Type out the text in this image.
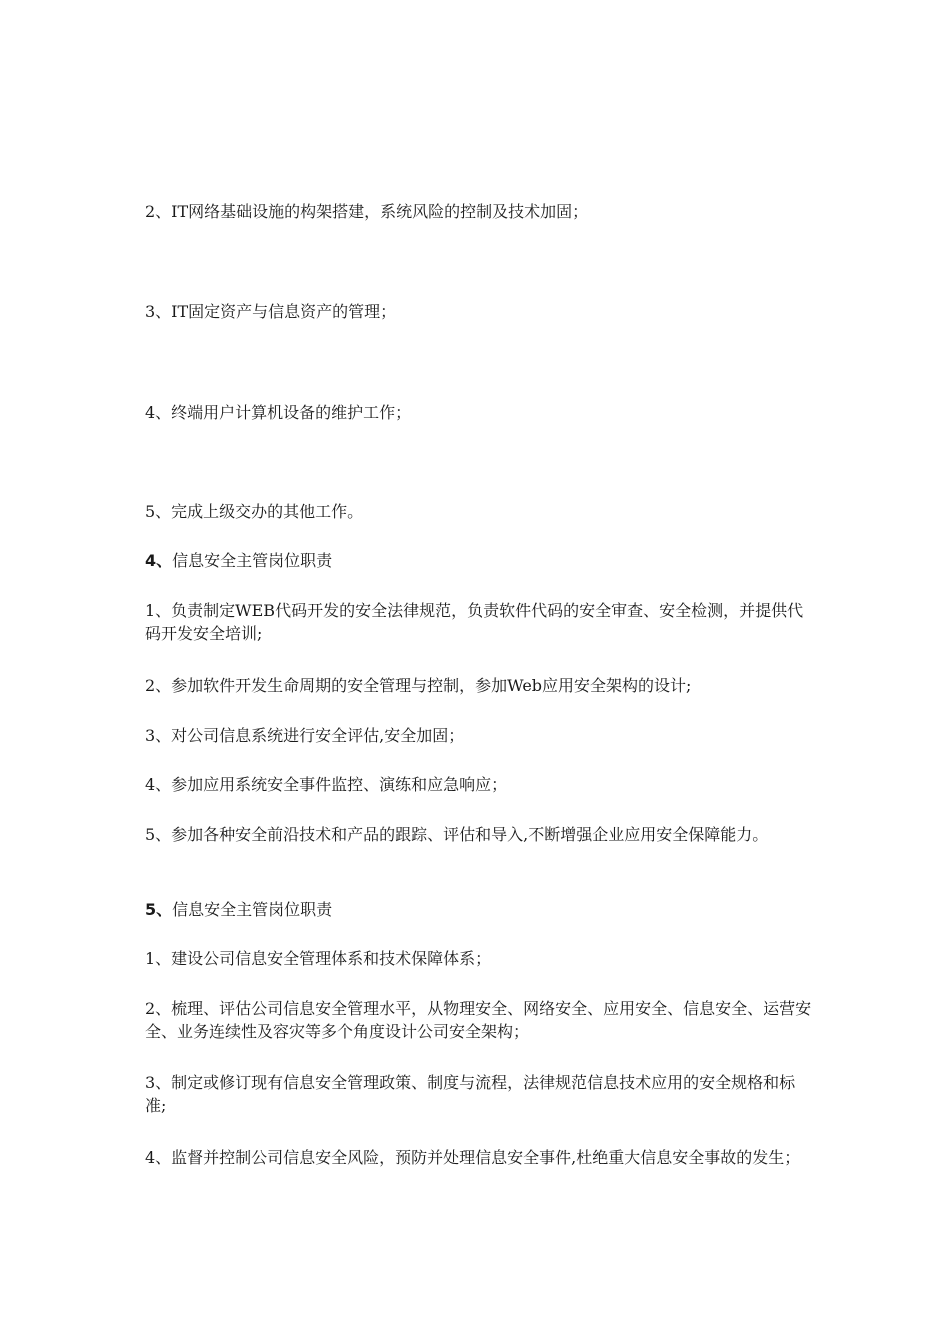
2、IT网络基础设施的构架搭建，系统风险的控制及技术加固；

3、IT固定资产与信息资产的管理；

4、终端用户计算机设备的维护工作；

5、完成上级交办的其他工作。

4、信息安全主管岗位职责

1、负责制定WEB代码开发的安全法律规范，负责软件代码的安全审查、安全检测，并提供代码开发安全培训;

2、参加软件开发生命周期的安全管理与控制，参加Web应用安全架构的设计;

3、对公司信息系统进行安全评估,安全加固；

4、参加应用系统安全事件监控、演练和应急响应；

5、参加各种安全前沿技术和产品的跟踪、评估和导入,不断增强企业应用安全保障能力。

5、信息安全主管岗位职责

1、建设公司信息安全管理体系和技术保障体系；

2、梳理、评估公司信息安全管理水平，从物理安全、网络安全、应用安全、信息安全、运营安全、业务连续性及容灾等多个角度设计公司安全架构；

3、制定或修订现有信息安全管理政策、制度与流程，法律规范信息技术应用的安全规格和标准;

4、监督并控制公司信息安全风险，预防并处理信息安全事件,杜绝重大信息安全事故的发生；
